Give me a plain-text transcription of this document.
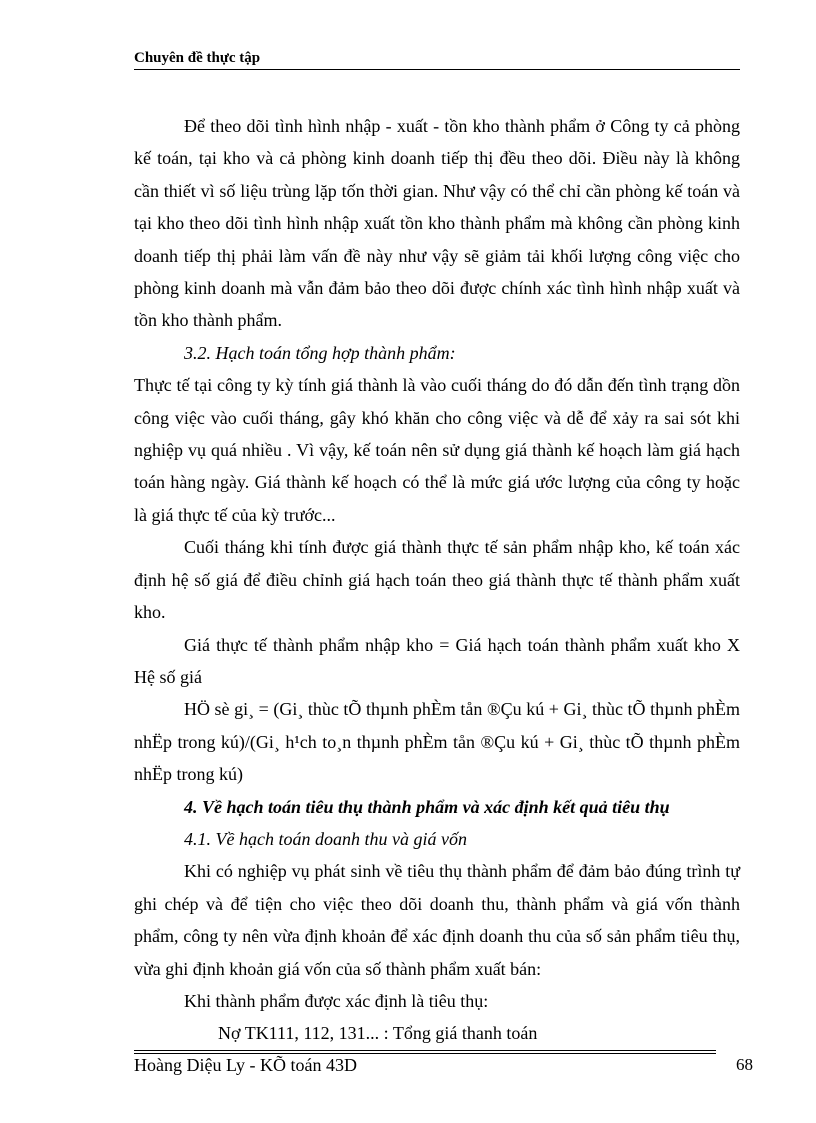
Chuyên đề thực tập

Để theo dõi tình hình nhập - xuất - tồn kho thành phẩm ở Công ty cả phòng kế toán, tại kho và cả phòng kinh doanh tiếp thị đều theo dõi. Điều này là không cần thiết vì số liệu trùng lặp tốn thời gian. Như vậy có thể chỉ cần phòng kế toán và tại kho theo dõi tình hình nhập xuất tồn kho thành phẩm mà không cần phòng kinh doanh tiếp thị phải làm vấn đề này như vậy sẽ giảm tải khối lượng công việc cho phòng kinh doanh mà vẫn đảm bảo theo dõi được chính xác tình hình nhập xuất và tồn kho thành phẩm.

3.2. Hạch toán tổng hợp thành phẩm:

Thực tế tại công ty kỳ tính giá thành là vào cuối tháng do đó dẫn đến tình trạng dồn công việc vào cuối tháng, gây khó khăn cho công việc và dễ để xảy ra sai sót khi nghiệp vụ quá nhiều . Vì vậy, kế toán nên sử dụng giá thành kế hoạch làm giá hạch toán hàng ngày. Giá thành kế hoạch có thể là mức giá ước lượng của công ty hoặc là giá thực tế của kỳ trước...

Cuối tháng khi tính được giá thành thực tế sản phẩm nhập kho, kế toán xác định hệ số giá để điều chỉnh giá hạch toán theo giá thành thực tế thành phẩm xuất kho.

Giá thực tế thành phẩm nhập kho = Giá hạch toán thành phẩm xuất kho X Hệ số giá

HÖ sè gi¸ = (Gi¸ thùc tÕ thµnh phÈm tån ®Çu kú + Gi¸ thùc tÕ thµnh phÈm nhËp trong kú)/(Gi¸ h¹ch to¸n thµnh phÈm tån ®Çu kú + Gi¸ thùc tÕ thµnh phÈm nhËp trong kú)

4. Về hạch toán tiêu thụ thành phẩm và xác định kết quả tiêu thụ

4.1. Về hạch toán doanh thu và giá vốn

Khi có nghiệp vụ phát sinh về tiêu thụ thành phẩm để đảm bảo đúng trình tự ghi chép và để tiện cho việc theo dõi doanh thu, thành phẩm và giá vốn thành phẩm, công ty nên vừa định khoản để xác định doanh thu của số sản phẩm tiêu thụ, vừa ghi định khoản giá vốn của số thành phẩm xuất bán:

Khi thành phẩm được xác định là tiêu thụ:

Nợ TK111, 112, 131... : Tổng giá thanh toán

Hoàng Diệu Ly - KÕ toán 43D	68
